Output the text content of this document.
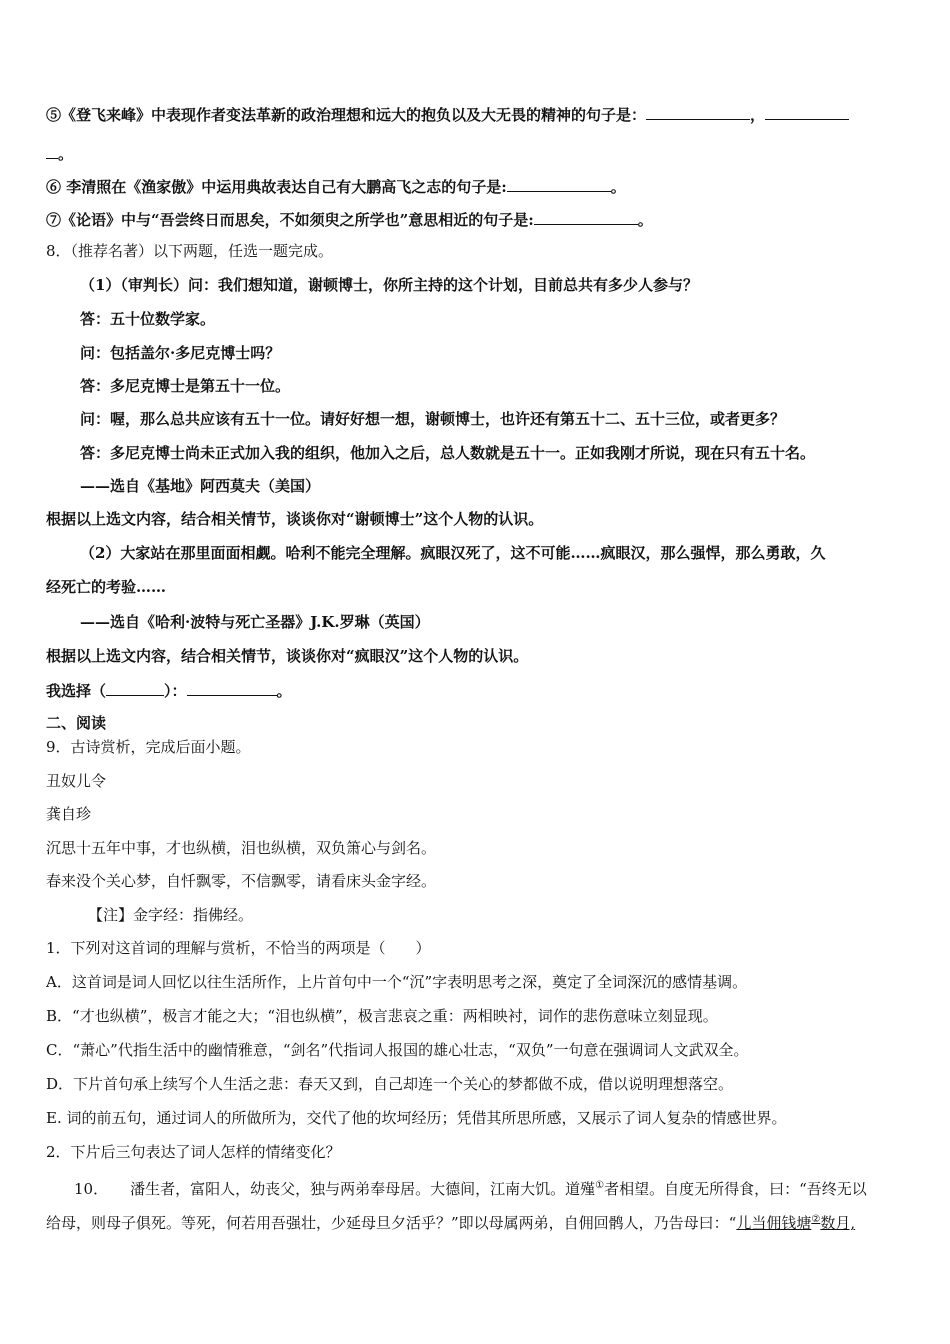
⑤《登飞来峰》中表现作者变法革新的政治理想和远大的抱负以及大无畏的精神的句子是：	，
。
⑥ 李清照在《渔家傲》中运用典故表达自己有大鹏高飞之志的句子是:	。
⑦《论语》中与“吾尝终日而思矣，不如须臾之所学也”意思相近的句子是:	。
8．（推荐名著）以下两题，任选一题完成。
（1）（审判长）问：我们想知道，谢顿博士，你所主持的这个计划，目前总共有多少人参与？
答：五十位数学家。
问：包括盖尔·多尼克博士吗？
答：多尼克博士是第五十一位。
问：喔，那么总共应该有五十一位。请好好想一想，谢顿博士，也许还有第五十二、五十三位，或者更多？
答：多尼克博士尚未正式加入我的组织，他加入之后，总人数就是五十一。正如我刚才所说，现在只有五十名。
——选自《基地》阿西莫夫（美国）
根据以上选文内容，结合相关情节，谈谈你对“谢顿博士”这个人物的认识。
（2）大家站在那里面面相觑。哈利不能完全理解。疯眼汉死了，这不可能……疯眼汉，那么强悍，那么勇敢，久
经死亡的考验……
——选自《哈利·波特与死亡圣器》J.K.罗琳（英国）
根据以上选文内容，结合相关情节，谈谈你对“疯眼汉”这个人物的认识。
我选择（	）：	。
二、阅读
9．古诗赏析，完成后面小题。
丑奴儿令
龚自珍
沉思十五年中事，才也纵横，泪也纵横，双负箫心与剑名。
春来没个关心梦，自忏飘零，不信飘零，请看床头金字经。
【注】金字经：指佛经。
1．下列对这首词的理解与赏析，不恰当的两项是（　　）
A．这首词是词人回忆以往生活所作，上片首句中一个“沉”字表明思考之深，奠定了全词深沉的感情基调。
B．“才也纵横”，极言才能之大；“泪也纵横”，极言悲哀之重：两相映衬，词作的悲伤意味立刻显现。
C．“萧心”代指生活中的幽情雅意，“剑名”代指词人报国的雄心壮志，“双负”一句意在强调词人文武双全。
D．下片首句承上续写个人生活之悲：春天又到，自己却连一个关心的梦都做不成，借以说明理想落空。
E. 词的前五句，通过词人的所做所为，交代了他的坎坷经历；凭借其所思所感，又展示了词人复杂的情感世界。
2．下片后三句表达了词人怎样的情绪变化？
10． 潘生者，富阳人，幼丧父，独与两弟奉母居。大德间，江南大饥。道殣①者相望。自度无所得食，曰：“吾终无以
给母，则母子俱死。等死，何若用吾强壮，少延母旦夕活乎？”即以母属两弟，自佣回鹘人，乃告母曰：“儿当佣钱塘②数月,
